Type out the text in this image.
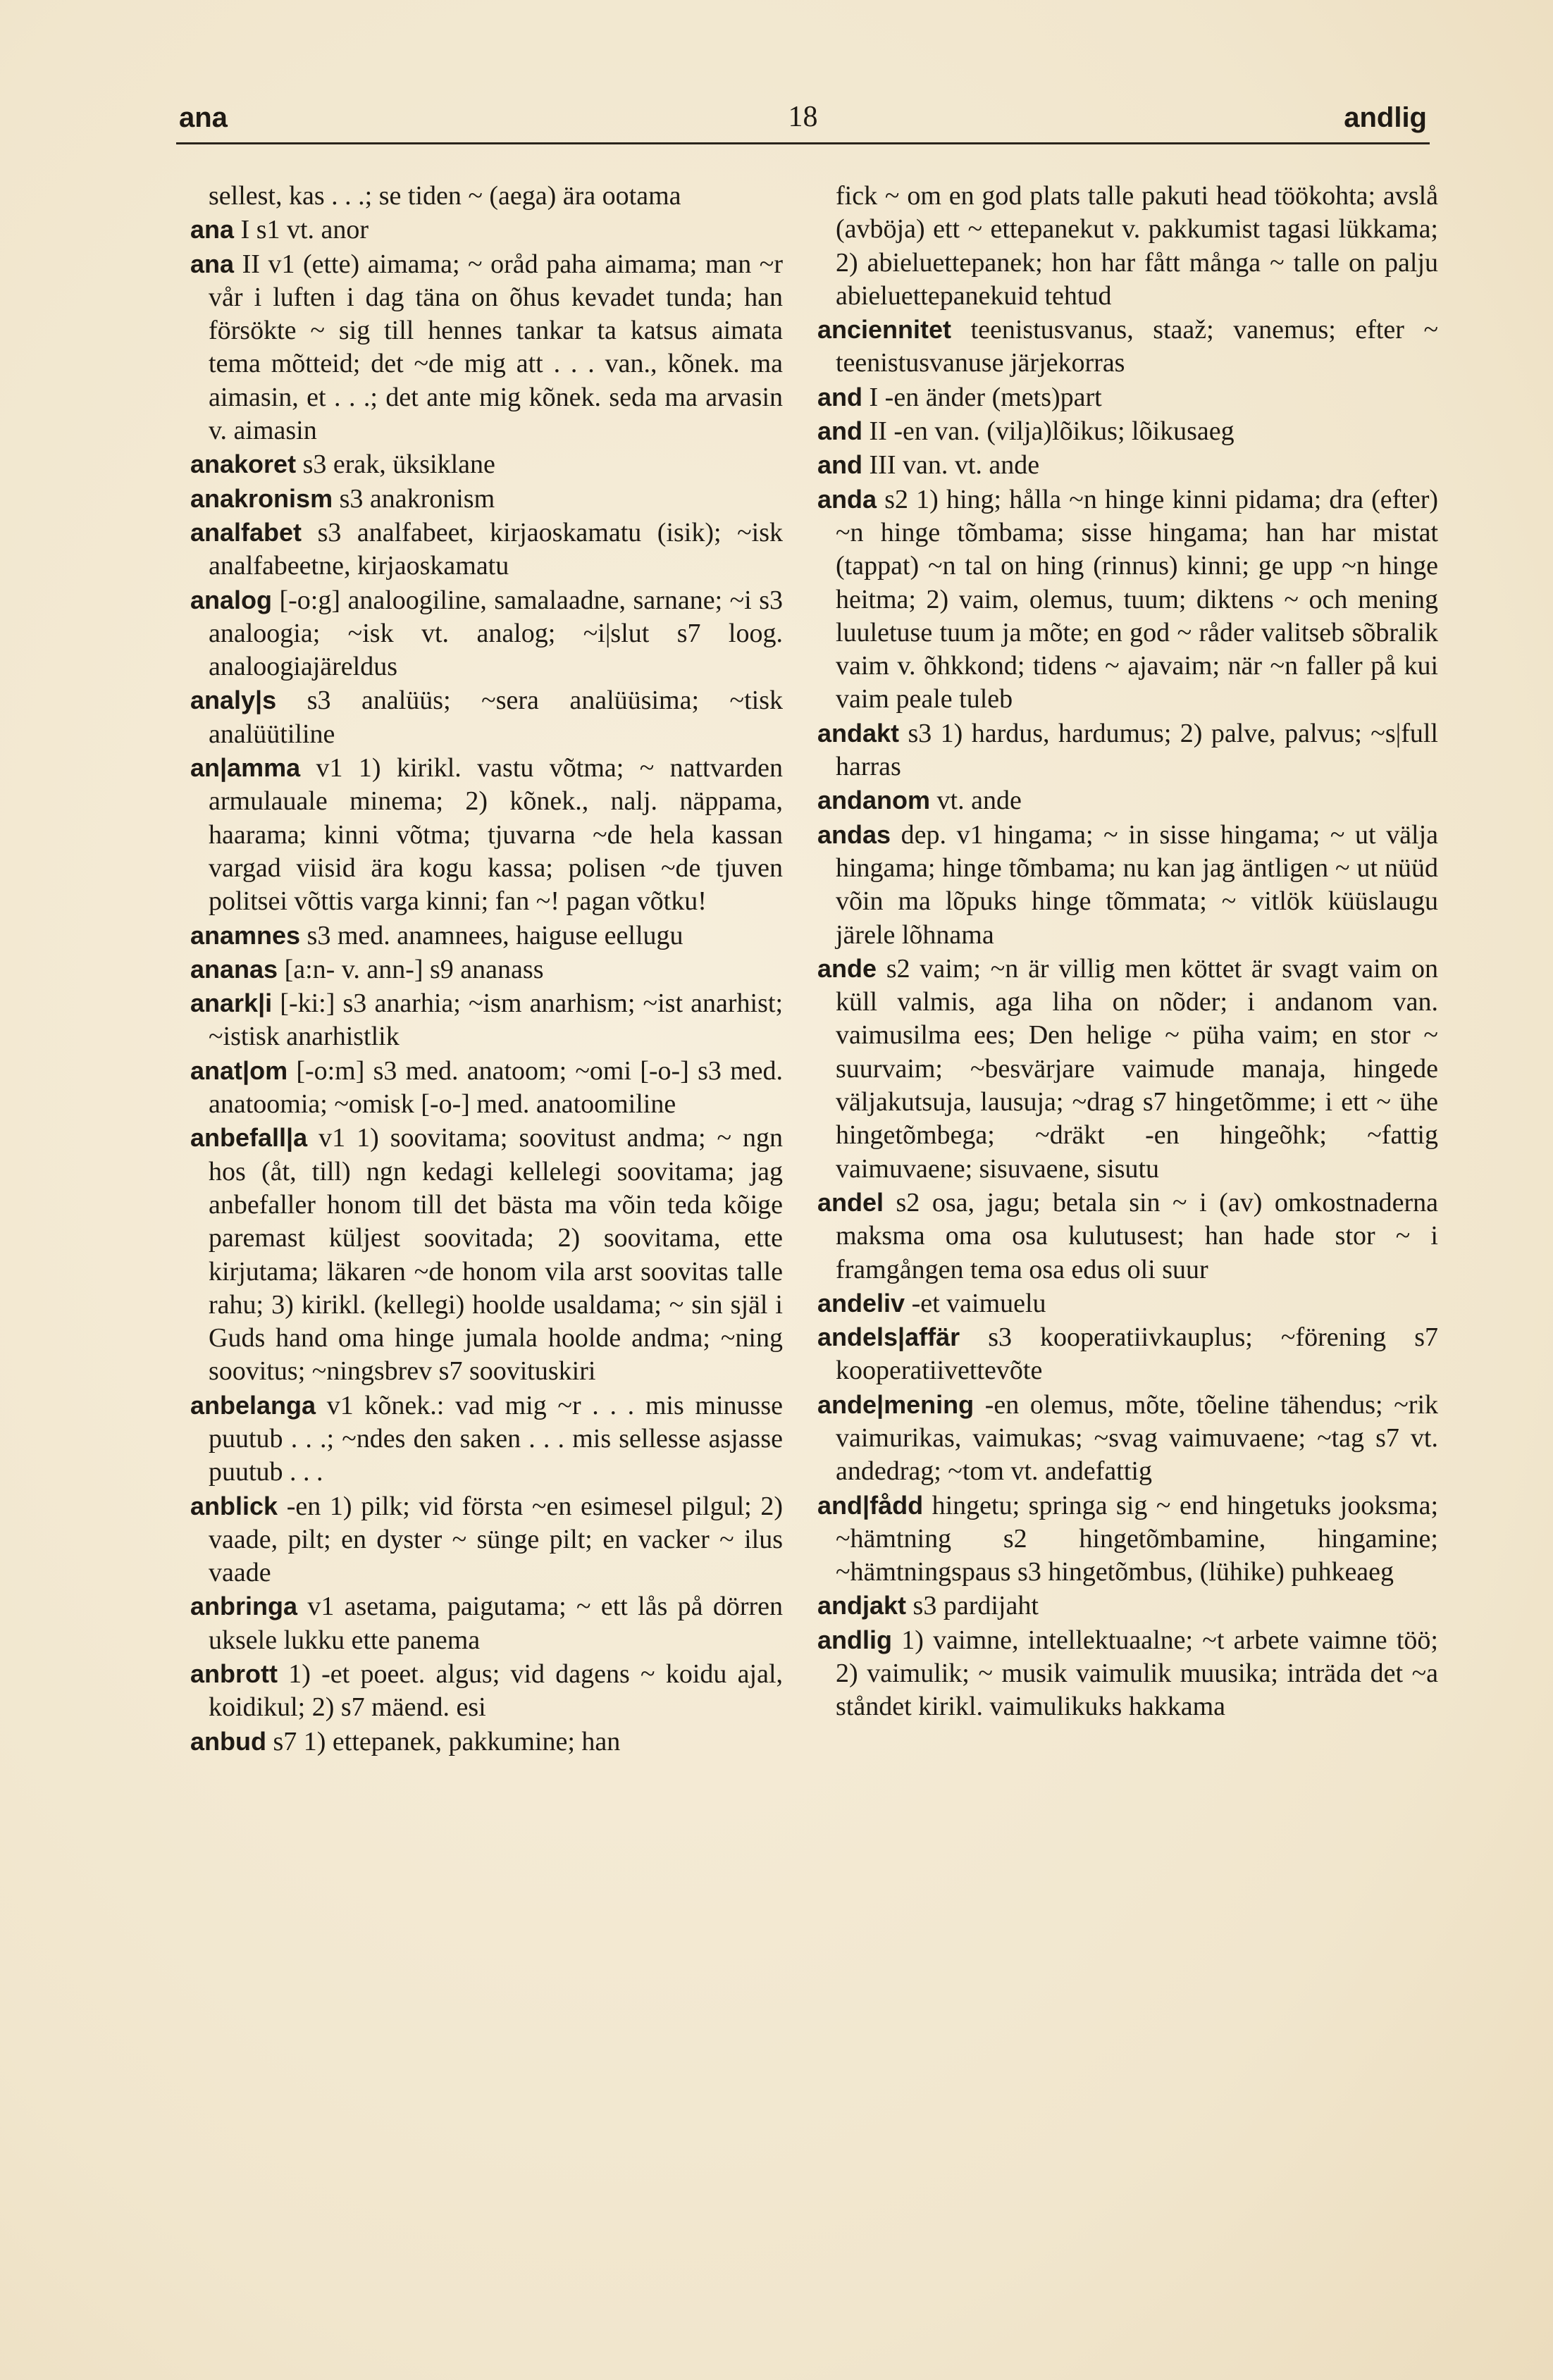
ana	18	andlig

sellest, kas . . .; se tiden ~ (aega) ära ootama

ana I s1 vt. anor

ana II v1 (ette) aimama; ~ oråd paha aimama; man ~r vår i luften i dag täna on õhus kevadet tunda; han försökte ~ sig till hennes tankar ta katsus aimata tema mõtteid; det ~de mig att . . . van., kõnek. ma aimasin, et . . .; det ante mig kõnek. seda ma arvasin v. aimasin

anakoret s3 erak, üksiklane

anakronism s3 anakronism

analfabet s3 analfabeet, kirjaoskamatu (isik); ~isk analfabeetne, kirjaoskamatu

analog [-o:g] analoogiline, samalaadne, sarnane; ~i s3 analoogia; ~isk vt. analog; ~i|slut s7 loog. analoogiajäreldus

analy|s s3 analüüs; ~sera analüüsima; ~tisk analüütiline

an|amma v1 1) kirikl. vastu võtma; ~ nattvarden armulauale minema; 2) kõnek., nalj. näppama, haarama; kinni võtma; tjuvarna ~de hela kassan vargad viisid ära kogu kassa; polisen ~de tjuven politsei võttis varga kinni; fan ~! pagan võtku!

anamnes s3 med. anamnees, haiguse eellugu

ananas [a:n- v. ann-] s9 ananass

anark|i [-ki:] s3 anarhia; ~ism anarhism; ~ist anarhist; ~istisk anarhistlik

anat|om [-o:m] s3 med. anatoom; ~omi [-o-] s3 med. anatoomia; ~omisk [-o-] med. anatoomiline

anbefall|a v1 1) soovitama; soovitust andma; ~ ngn hos (åt, till) ngn kedagi kellelegi soovitama; jag anbefaller honom till det bästa ma võin teda kõige paremast küljest soovitada; 2) soovitama, ette kirjutama; läkaren ~de honom vila arst soovitas talle rahu; 3) kirikl. (kellegi) hoolde usaldama; ~ sin själ i Guds hand oma hinge jumala hoolde andma; ~ning soovitus; ~ningsbrev s7 soovituskiri

anbelanga v1 kõnek.: vad mig ~r . . . mis minusse puutub . . .; ~ndes den saken . . . mis sellesse asjasse puutub . . .

anblick -en 1) pilk; vid första ~en esimesel pilgul; 2) vaade, pilt; en dyster ~ sünge pilt; en vacker ~ ilus vaade

anbringa v1 asetama, paigutama; ~ ett lås på dörren uksele lukku ette panema

anbrott 1) -et poeet. algus; vid dagens ~ koidu ajal, koidikul; 2) s7 mäend. esi

anbud s7 1) ettepanek, pakkumine; han

fick ~ om en god plats talle pakuti head töökohta; avslå (avböja) ett ~ ettepanekut v. pakkumist tagasi lükkama; 2) abieluettepanek; hon har fått många ~ talle on palju abieluettepanekuid tehtud

anciennitet teenistusvanus, staaž; vanemus; efter ~ teenistusvanuse järjekorras

and I -en änder (mets)part

and II -en van. (vilja)lõikus; lõikusaeg

and III van. vt. ande

anda s2 1) hing; hålla ~n hinge kinni pidama; dra (efter) ~n hinge tõmbama; sisse hingama; han har mistat (tappat) ~n tal on hing (rinnus) kinni; ge upp ~n hinge heitma; 2) vaim, olemus, tuum; diktens ~ och mening luuletuse tuum ja mõte; en god ~ råder valitseb sõbralik vaim v. õhkkond; tidens ~ ajavaim; när ~n faller på kui vaim peale tuleb

andakt s3 1) hardus, hardumus; 2) palve, palvus; ~s|full harras

andanom vt. ande

andas dep. v1 hingama; ~ in sisse hingama; ~ ut välja hingama; hinge tõmbama; nu kan jag äntligen ~ ut nüüd võin ma lõpuks hinge tõmmata; ~ vitlök küüslaugu järele lõhnama

ande s2 vaim; ~n är villig men köttet är svagt vaim on küll valmis, aga liha on nõder; i andanom van. vaimusilma ees; Den helige ~ püha vaim; en stor ~ suurvaim; ~besvärjare vaimude manaja, hingede väljakutsuja, lausuja; ~drag s7 hingetõmme; i ett ~ ühe hingetõmbega; ~dräkt -en hingeõhk; ~fattig vaimuvaene; sisuvaene, sisutu

andel s2 osa, jagu; betala sin ~ i (av) omkostnaderna maksma oma osa kulutusest; han hade stor ~ i framgången tema osa edus oli suur

andeliv -et vaimuelu

andels|affär s3 kooperatiivkauplus; ~förening s7 kooperatiivettevõte

ande|mening -en olemus, mõte, tõeline tähendus; ~rik vaimurikas, vaimukas; ~svag vaimuvaene; ~tag s7 vt. andedrag; ~tom vt. andefattig

and|fådd hingetu; springa sig ~ end hingetuks jooksma; ~hämtning s2 hingetõmbamine, hingamine; ~hämtningspaus s3 hingetõmbus, (lühike) puhkeaeg

andjakt s3 pardijaht

andlig 1) vaimne, intellektuaalne; ~t arbete vaimne töö; 2) vaimulik; ~ musik vaimulik muusika; inträda det ~a ståndet kirikl. vaimulikuks hakkama
